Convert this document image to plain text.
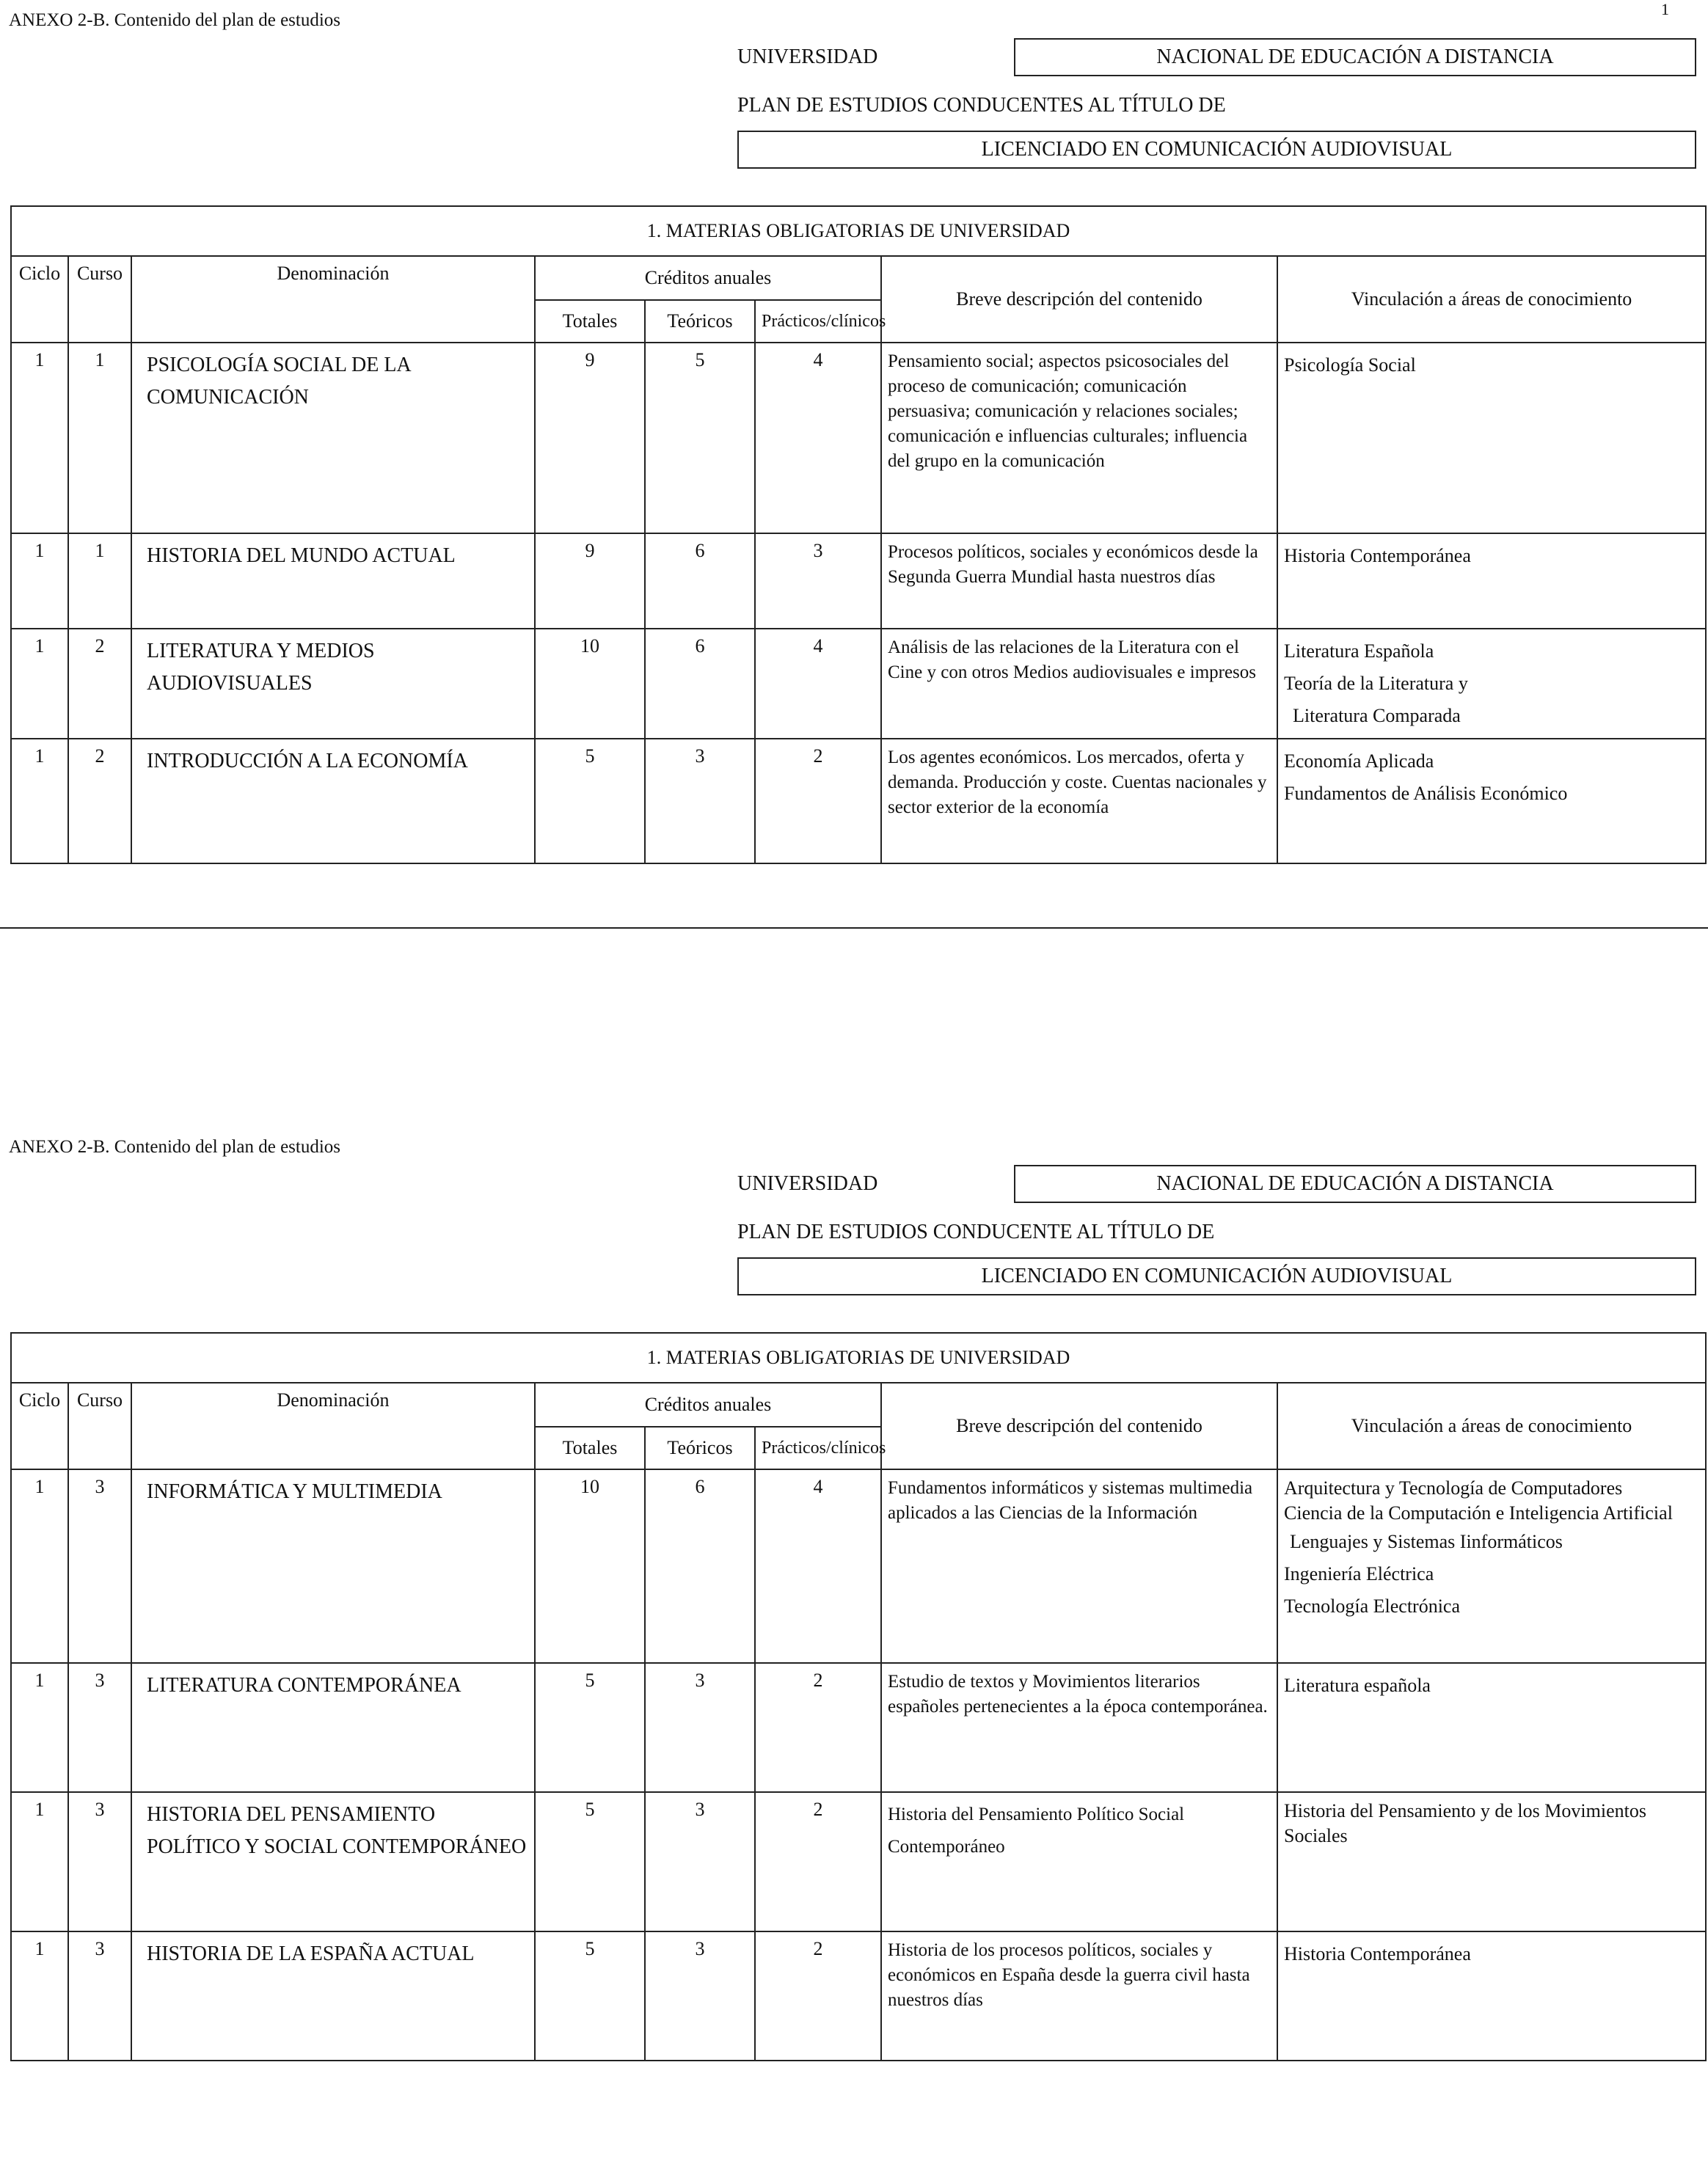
1
ANEXO 2-B. Contenido del plan de estudios
UNIVERSIDAD	NACIONAL DE EDUCACIÓN A DISTANCIA
PLAN DE ESTUDIOS CONDUCENTES AL TÍTULO DE
LICENCIADO EN COMUNICACIÓN AUDIOVISUAL
1. MATERIAS OBLIGATORIAS DE UNIVERSIDAD							
Ciclo	Curso	Denominación	Créditos anuales			Breve descripción del contenido	Vinculación a áreas de conocimiento
			Totales	Teóricos	Prácticos/clínicos		
1	1	PSICOLOGÍA SOCIAL DE LA COMUNICACIÓN	9	5	4	Pensamiento social; aspectos psicosociales del proceso de comunicación; comunicación persuasiva; comunicación y relaciones sociales; comunicación e influencias culturales; influencia del grupo en la comunicación	Psicología Social

1	1	HISTORIA DEL MUNDO ACTUAL	9	6	3	Procesos políticos, sociales y económicos desde la Segunda Guerra Mundial hasta nuestros días	Historia Contemporánea

1	2	LITERATURA Y MEDIOS AUDIOVISUALES	10	6	4	Análisis de las relaciones de la Literatura con el Cine y con otros Medios audiovisuales e impresos	Literatura Española
Teoría de la Literatura y
Literatura Comparada

1	2	INTRODUCCIÓN A LA ECONOMÍA	5	3	2	Los agentes económicos. Los mercados, oferta y demanda. Producción y coste. Cuentas nacionales y sector exterior de la economía	Economía Aplicada
Fundamentos de Análisis Económico
ANEXO 2-B. Contenido del plan de estudios
UNIVERSIDAD	NACIONAL DE EDUCACIÓN A DISTANCIA
PLAN DE ESTUDIOS CONDUCENTE AL TÍTULO DE
LICENCIADO EN COMUNICACIÓN AUDIOVISUAL
1. MATERIAS OBLIGATORIAS DE UNIVERSIDAD							
Ciclo	Curso	Denominación	Créditos anuales			Breve descripción del contenido	Vinculación a áreas de conocimiento
			Totales	Teóricos	Prácticos/clínicos		
1	3	INFORMÁTICA Y MULTIMEDIA	10	6	4	Fundamentos informáticos y sistemas multimedia aplicados a las Ciencias de la Información	Arquitectura y Tecnología de Computadores
Ciencia de la Computación e Inteligencia Artificial
Lenguajes y Sistemas Iinformáticos
Ingeniería Eléctrica
Tecnología Electrónica

1	3	LITERATURA CONTEMPORÁNEA	5	3	2	Estudio de textos y Movimientos literarios españoles pertenecientes a la época contemporánea.	Literatura española

1	3	HISTORIA DEL PENSAMIENTO POLÍTICO Y SOCIAL CONTEMPORÁNEO	5	3	2	Historia del Pensamiento Político Social Contemporáneo	Historia del Pensamiento y de los Movimientos Sociales

1	3	HISTORIA DE LA ESPAÑA ACTUAL	5	3	2	Historia de los procesos políticos, sociales y económicos en España desde la guerra civil hasta nuestros días	Historia Contemporánea
